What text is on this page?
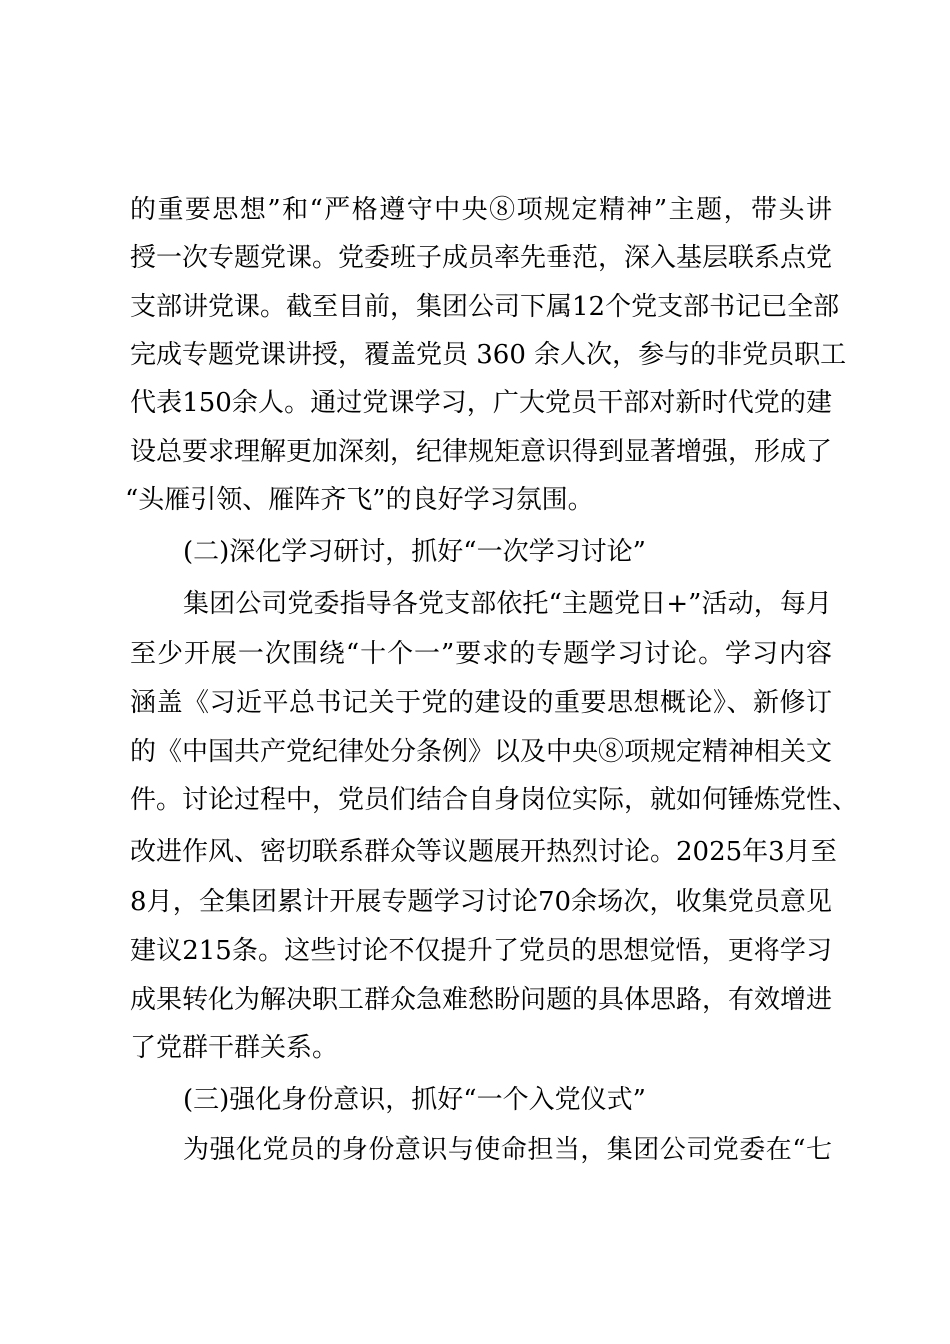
的重要思想”和“严格遵守中央⑧项规定精神”主题，带头讲
授一次专题党课。党委班子成员率先垂范，深入基层联系点党
支部讲党课。截至目前，集团公司下属12个党支部书记已全部
完成专题党课讲授，覆盖党员 360 余人次，参与的非党员职工
代表150余人。通过党课学习，广大党员干部对新时代党的建
设总要求理解更加深刻，纪律规矩意识得到显著增强，形成了
“头雁引领、雁阵齐飞”的良好学习氛围。
(二)深化学习研讨，抓好“一次学习讨论”
集团公司党委指导各党支部依托“主题党日+”活动，每月
至少开展一次围绕“十个一”要求的专题学习讨论。学习内容
涵盖《习近平总书记关于党的建设的重要思想概论》、新修订
的《中国共产党纪律处分条例》以及中央⑧项规定精神相关文
件。讨论过程中，党员们结合自身岗位实际，就如何锤炼党性、
改进作风、密切联系群众等议题展开热烈讨论。2025年3月至
8月，全集团累计开展专题学习讨论70余场次，收集党员意见
建议215条。这些讨论不仅提升了党员的思想觉悟，更将学习
成果转化为解决职工群众急难愁盼问题的具体思路，有效增进
了党群干群关系。
(三)强化身份意识，抓好“一个入党仪式”
为强化党员的身份意识与使命担当，集团公司党委在“七
